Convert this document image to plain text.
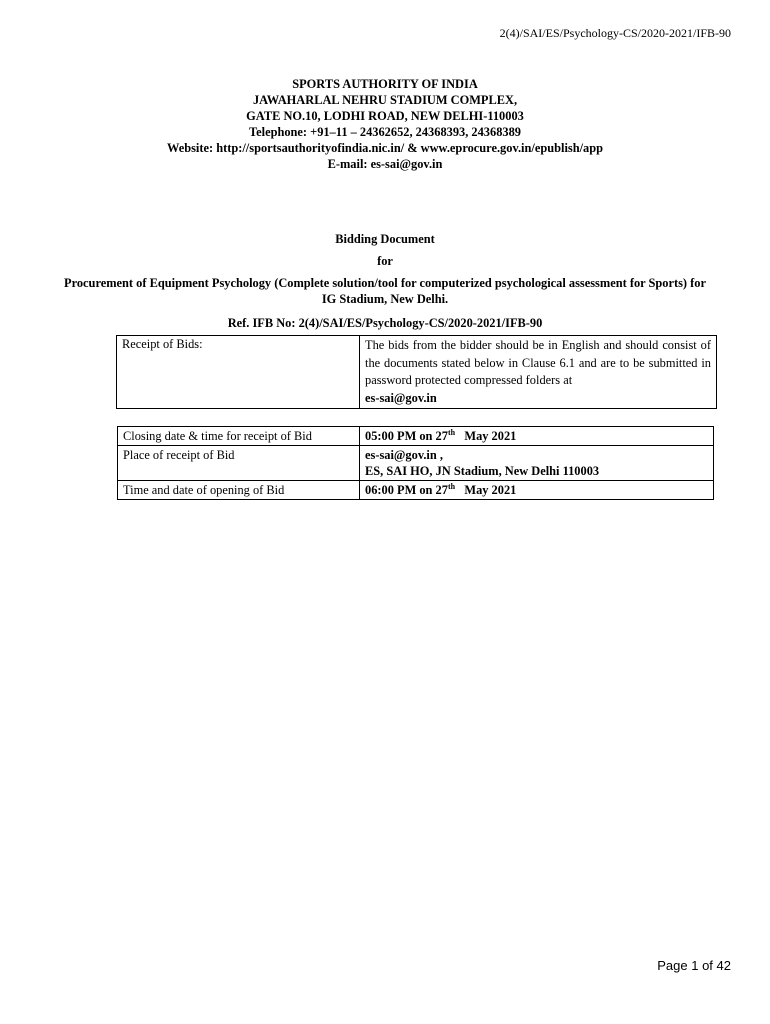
2(4)/SAI/ES/Psychology-CS/2020-2021/IFB-90
SPORTS AUTHORITY OF INDIA
JAWAHARLAL NEHRU STADIUM COMPLEX,
GATE NO.10, LODHI ROAD, NEW DELHI-110003
Telephone: +91–11 – 24362652, 24368393, 24368389
Website: http://sportsauthorityofindia.nic.in/ & www.eprocure.gov.in/epublish/app
E-mail: es-sai@gov.in
Bidding Document
for
Procurement of Equipment Psychology (Complete solution/tool for computerized psychological assessment for Sports) for IG Stadium, New Delhi.
Ref. IFB No: 2(4)/SAI/ES/Psychology-CS/2020-2021/IFB-90
Receipt of Bids:	The bids from the bidder should be in English and should consist of the documents stated below in Clause 6.1 and are to be submitted in password protected compressed folders at
es-sai@gov.in
Closing date & time for receipt of Bid	05:00 PM on 27th May 2021
Place of receipt of Bid	es-sai@gov.in ,
ES, SAI HO, JN Stadium, New Delhi 110003

Time and date of opening of Bid	06:00 PM on 27th May 2021
Page 1 of 42
